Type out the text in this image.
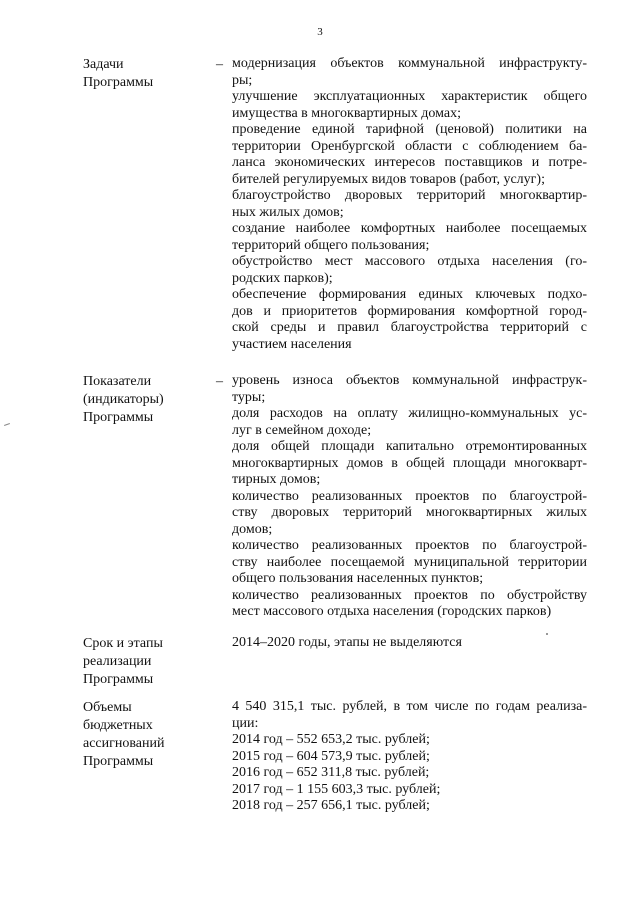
3
Задачи
Программы
– модернизация объектов коммунальной инфраструкту-

ры;

улучшение эксплуатационных характеристик общего

имущества в многоквартирных домах;

проведение единой тарифной (ценовой) политики на

территории Оренбургской области с соблюдением ба-

ланса экономических интересов поставщиков и потре-

бителей регулируемых видов товаров (работ, услуг);

благоустройство дворовых территорий многоквартир-

ных жилых домов;

создание наиболее комфортных наиболее посещаемых

территорий общего пользования;

обустройство мест массового отдыха населения (го-

родских парков);

обеспечение формирования единых ключевых подхо-

дов и приоритетов формирования комфортной город-

ской среды и правил благоустройства территорий с

участием населения

Показатели
(индикаторы)
Программы
– уровень износа объектов коммунальной инфраструк-

туры;

доля расходов на оплату жилищно-коммунальных ус-

луг в семейном доходе;

доля общей площади капитально отремонтированных

многоквартирных домов в общей площади многокварт-

тирных домов;

количество реализованных проектов по благоустрой-

ству дворовых территорий многоквартирных жилых

домов;

количество реализованных проектов по благоустрой-

ству наиболее посещаемой муниципальной территории

общего пользования населенных пунктов;

количество реализованных проектов по обустройству

мест массового отдыха населения (городских парков)

Срок и этапы
реализации
Программы

2014–2020 годы, этапы не выделяются

Объемы
бюджетных
ассигнований
Программы

4 540 315,1 тыс. рублей, в том числе по годам реализа-

ции:

2014 год – 552 653,2 тыс. рублей;

2015 год – 604 573,9 тыс. рублей;

2016 год – 652 311,8 тыс. рублей;

2017 год – 1 155 603,3 тыс. рублей;

2018 год – 257 656,1 тыс. рублей;
